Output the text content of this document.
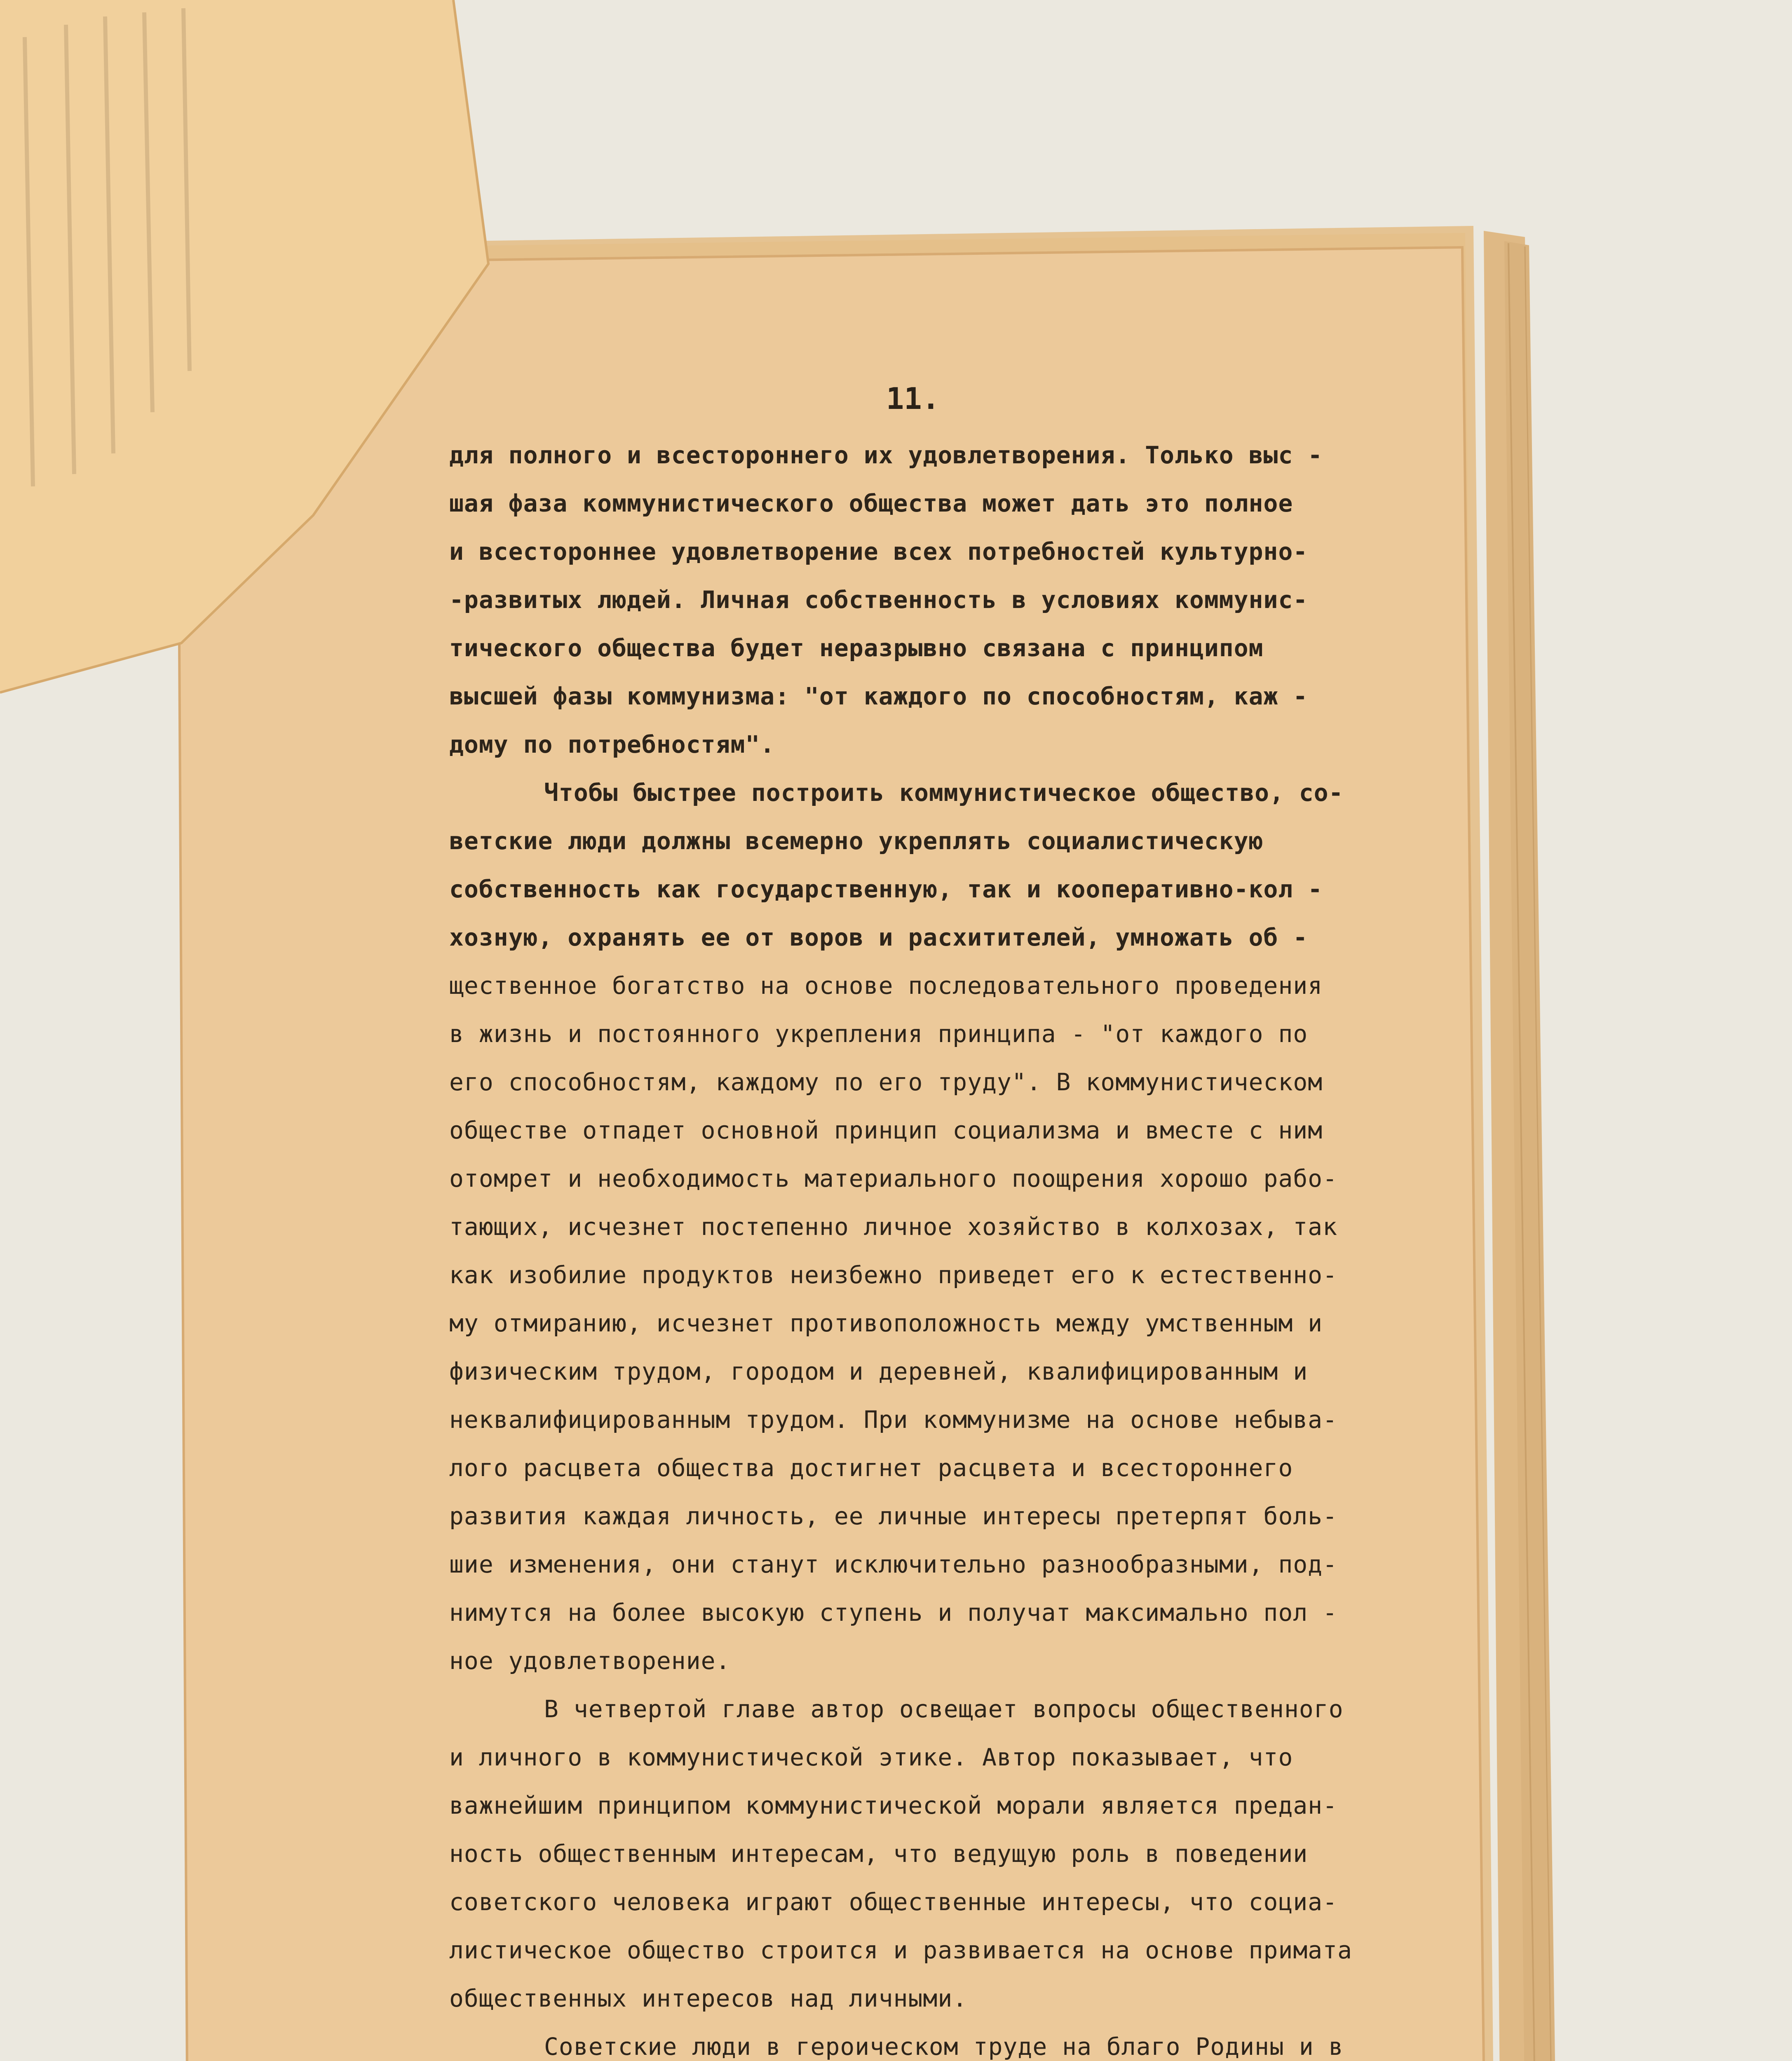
11.
для полного и всестороннего их удовлетворения. Только выс -
шая фаза коммунистического общества может дать это полное
и всестороннее удовлетворение всех потребностей культурно-
-развитых людей. Личная собственность в условиях коммунис-
тического общества будет неразрывно связана с принципом
высшей фазы коммунизма: "от каждого по способностям, каж -
дому по потребностям".
Чтобы быстрее построить коммунистическое общество, со-
ветские люди должны всемерно укреплять социалистическую
собственность как государственную, так и кооперативно-кол -
хозную, охранять ее от воров и расхитителей, умножать об -
щественное богатство на основе последовательного проведения
в жизнь и постоянного укрепления принципа - "от каждого по
его способностям, каждому по его труду". В коммунистическом
обществе отпадет основной принцип социализма и вместе с ним
отомрет и необходимость материального поощрения хорошо рабо-
тающих, исчезнет постепенно личное хозяйство в колхозах, так
как изобилие продуктов неизбежно приведет его к естественно-
му отмиранию, исчезнет противоположность между умственным и
физическим трудом, городом и деревней, квалифицированным и
неквалифицированным трудом. При коммунизме на основе небыва-
лого расцвета общества достигнет расцвета и всестороннего
развития каждая личность, ее личные интересы претерпят боль-
шие изменения, они станут исключительно разнообразными, под-
нимутся на более высокую ступень и получат максимально пол -
ное удовлетворение.
В четвертой главе автор освещает вопросы общественного
и личного в коммунистической этике. Автор показывает, что
важнейшим принципом коммунистической морали является предан-
ность общественным интересам, что ведущую роль в поведении
советского человека играют общественные интересы, что социа-
листическое общество строится и развивается на основе примата
общественных интересов над личными.
Советские люди в героическом труде на благо Родины и в
